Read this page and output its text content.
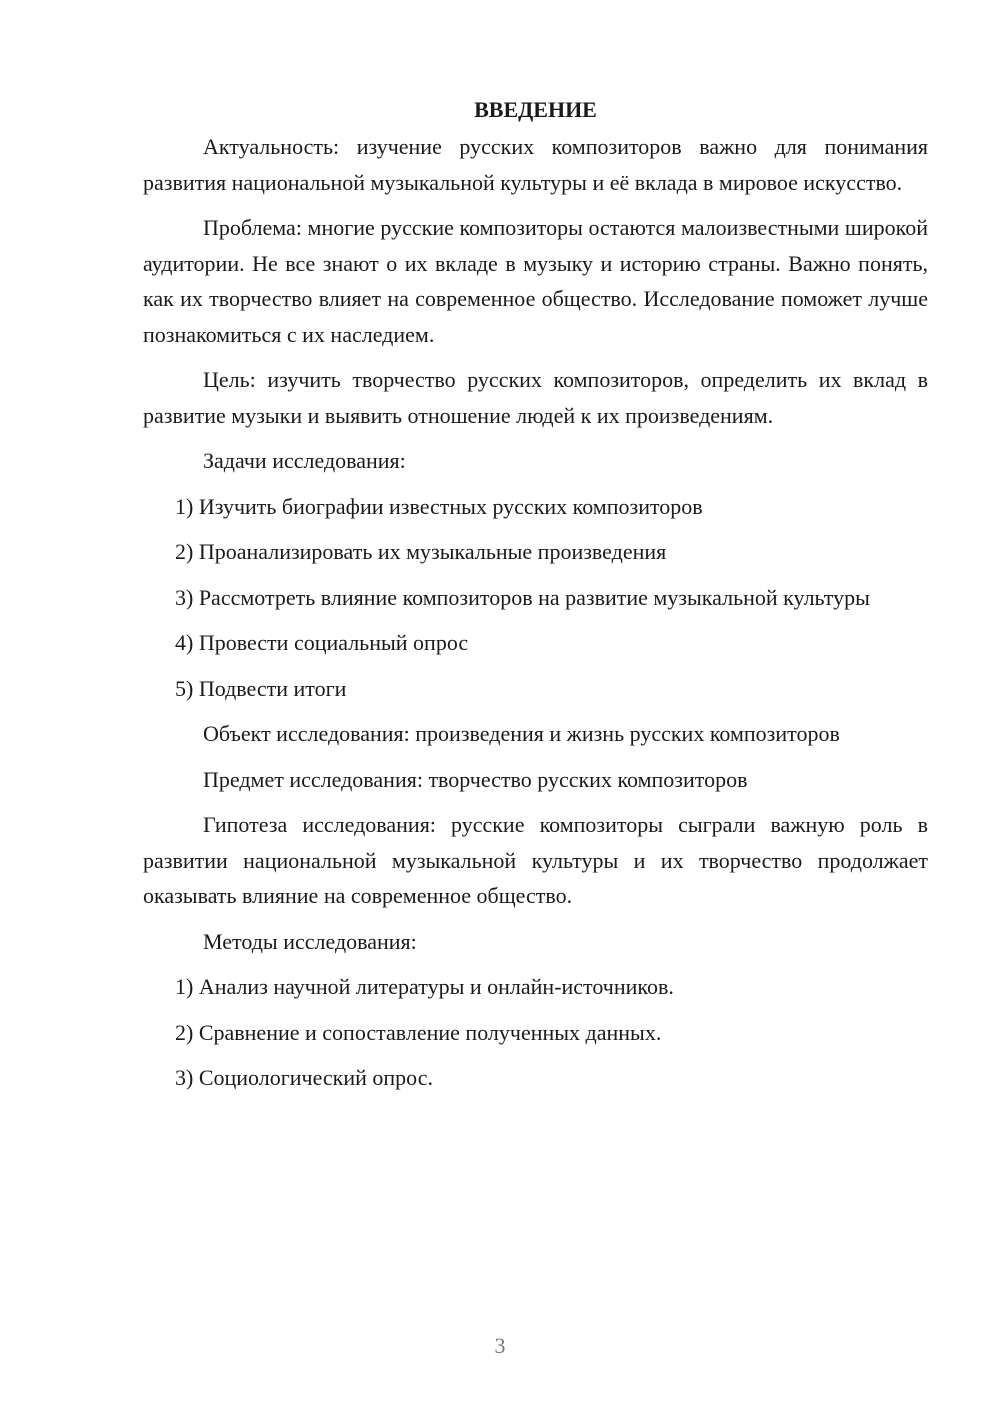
ВВЕДЕНИЕ

Актуальность: изучение русских композиторов важно для понимания развития национальной музыкальной культуры и её вклада в мировое искусство.

Проблема: многие русские композиторы остаются малоизвестными широкой аудитории. Не все знают о их вкладе в музыку и историю страны. Важно понять, как их творчество влияет на современное общество. Исследование поможет лучше познакомиться с их наследием.

Цель: изучить творчество русских композиторов, определить их вклад в развитие музыки и выявить отношение людей к их произведениям.

Задачи исследования:

1) Изучить биографии известных русских композиторов

2) Проанализировать их музыкальные произведения

3) Рассмотреть влияние композиторов на развитие музыкальной культуры

4) Провести социальный опрос

5) Подвести итоги

Объект исследования: произведения и жизнь русских композиторов

Предмет исследования: творчество русских композиторов

Гипотеза исследования: русские композиторы сыграли важную роль в развитии национальной музыкальной культуры и их творчество продолжает оказывать влияние на современное общество.

Методы исследования:

1) Анализ научной литературы и онлайн-источников.

2) Сравнение и сопоставление полученных данных.

3) Социологический опрос.

3
